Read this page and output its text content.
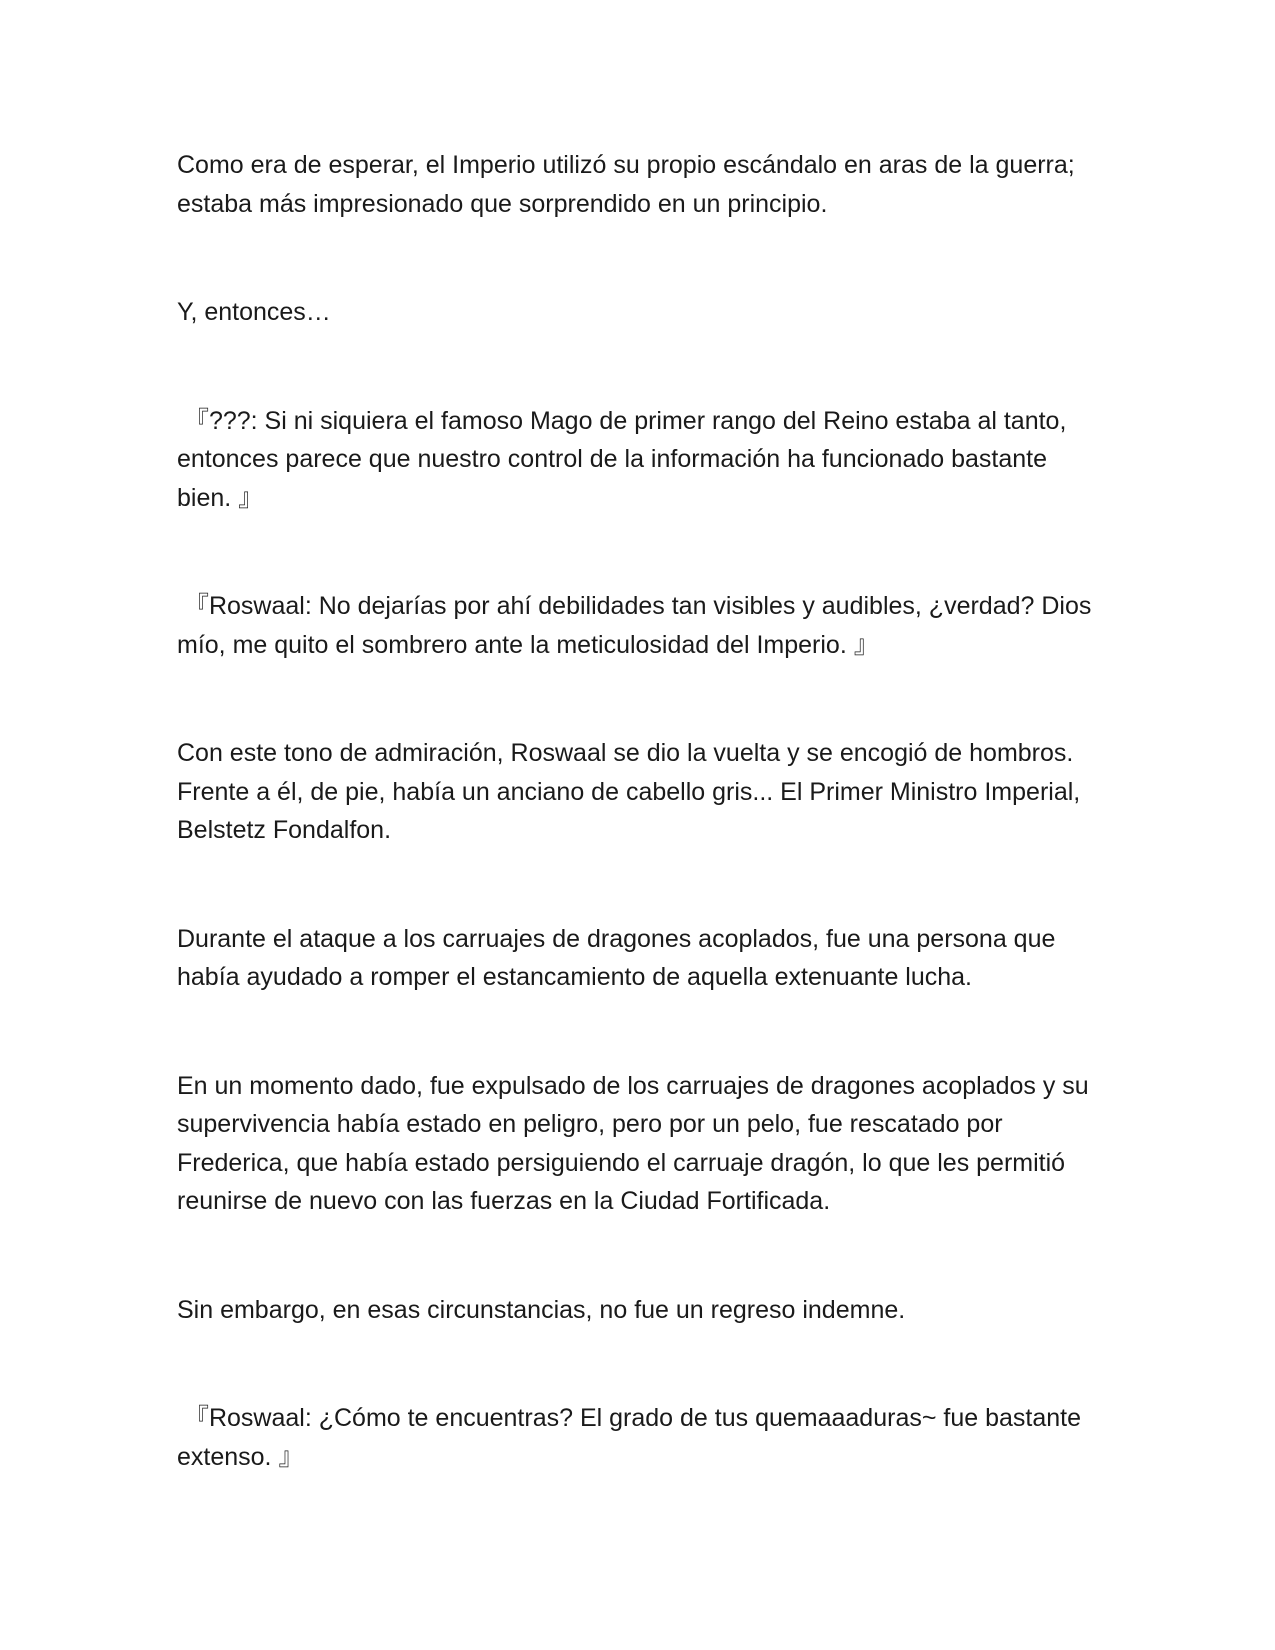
Como era de esperar, el Imperio utilizó su propio escándalo en aras de la guerra; estaba más impresionado que sorprendido en un principio.

Y, entonces…

『???: Si ni siquiera el famoso Mago de primer rango del Reino estaba al tanto, entonces parece que nuestro control de la información ha funcionado bastante bien. 』

『Roswaal: No dejarías por ahí debilidades tan visibles y audibles, ¿verdad? Dios mío, me quito el sombrero ante la meticulosidad del Imperio. 』

Con este tono de admiración, Roswaal se dio la vuelta y se encogió de hombros. Frente a él, de pie, había un anciano de cabello gris... El Primer Ministro Imperial, Belstetz Fondalfon.

Durante el ataque a los carruajes de dragones acoplados, fue una persona que había ayudado a romper el estancamiento de aquella extenuante lucha.

En un momento dado, fue expulsado de los carruajes de dragones acoplados y su supervivencia había estado en peligro, pero por un pelo, fue rescatado por Frederica, que había estado persiguiendo el carruaje dragón, lo que les permitió reunirse de nuevo con las fuerzas en la Ciudad Fortificada.

Sin embargo, en esas circunstancias, no fue un regreso indemne.

『Roswaal: ¿Cómo te encuentras? El grado de tus quemaaaduras~ fue bastante extenso. 』
